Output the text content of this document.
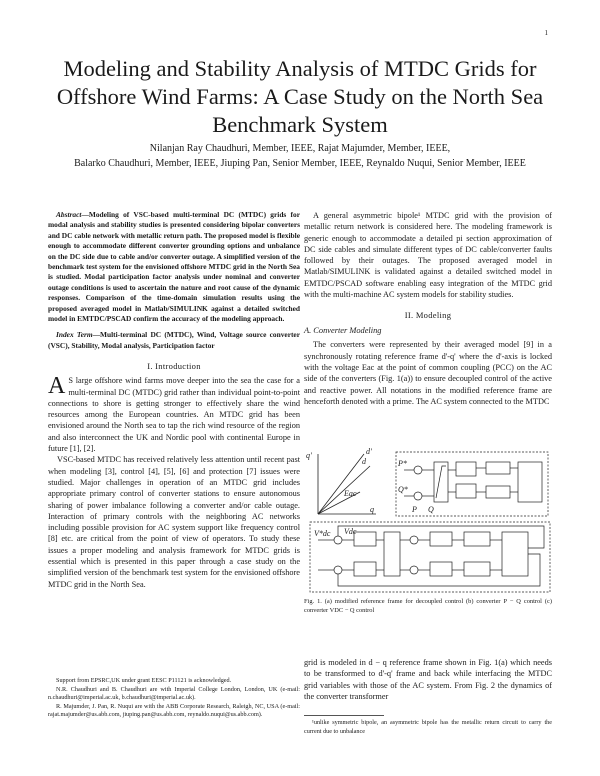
1
Modeling and Stability Analysis of MTDC Grids for Offshore Wind Farms: A Case Study on the North Sea Benchmark System
Nilanjan Ray Chaudhuri, Member, IEEE, Rajat Majumder, Member, IEEE,
Balarko Chaudhuri, Member, IEEE, Jiuping Pan, Senior Member, IEEE, Reynaldo Nuqui, Senior Member, IEEE

Abstract—Modeling of VSC-based multi-terminal DC (MTDC) grids for modal analysis and stability studies is presented considering bipolar converters and DC cable network with metallic return path. The proposed model is flexible enough to accommodate different converter grounding options and unbalance on the DC side due to cable and/or converter outage. A simplified version of the benchmark test system for the envisioned offshore MTDC grid in the North Sea is studied. Modal participation factor analysis under nominal and converter outage conditions is used to ascertain the nature and root cause of the dynamic responses. Comparison of the time-domain simulation results using the proposed averaged model in Matlab/SIMULINK against a detailed switched model in EMTDC/PSCAD confirm the accuracy of the modeling approach.

Index Term—Multi-terminal DC (MTDC), Wind, Voltage source converter (VSC), Stability, Modal analysis, Participation factor

I. Introduction

A S large offshore wind farms move deeper into the sea the case for a multi-terminal DC (MTDC) grid rather than individual point-to-point connections to shore is getting stronger to effectively share the wind resources among the European countries. An MTDC grid has been envisioned around the North sea to tap the rich wind resource of the region and also interconnect the UK and Nordic pool with continental Europe in future [1], [2].

VSC-based MTDC has received relatively less attention until recent past when modeling [3], control [4], [5], [6] and protection [7] issues were studied. Major challenges in operation of an MTDC grid includes appropriate primary control of converter stations to ensure autonomous sharing of power imbalance following a converter and/or cable outage. Interaction of primary controls with the neighboring AC networks including possible provision for AC system support like frequency control [8] etc. are critical from the point of view of operators. To study these issues a proper modeling and analysis framework for MTDC grids is essential which is presented in this paper through a case study on the simplified version of the benchmark test system for the envisioned offshore MTDC grid in the North Sea.

Support from EPSRC,UK under grant EESC P11121 is acknowledged.

N.R. Chaudhuri and B. Chaudhuri are with Imperial College London, London, UK (e-mail: n.chaudhuri@imperial.ac.uk, b.chaudhuri@imperial.ac.uk).

R. Majumder, J. Pan, R. Nuqui are with the ABB Corporate Research, Raleigh, NC, USA (e-mail: rajat.majumder@us.abb.com, jiuping.pan@us.abb.com, reynaldo.nuqui@us.abb.com).

A general asymmetric bipole¹ MTDC grid with the provision of metallic return network is considered here. The modeling framework is generic enough to accommodate a detailed pi section approximation of DC side cables and simulate different types of DC cable/converter faults followed by their outages. The proposed averaged model in Matlab/SIMULINK is validated against a detailed switched model in EMTDC/PSCAD software enabling easy integration of the MTDC grid with the multi-machine AC system models for stability studies.

II. Modeling
A. Converter Modeling

The converters were represented by their averaged model [9] in a synchronously rotating reference frame d'-q' where the d'-axis is locked with the voltage Eac at the point of common coupling (PCC) on the AC side of the converters (Fig. 1(a)) to ensure decoupled control of the active and reactive power. All notations in the modified reference frame are henceforth denoted with a prime. The AC system connected to the MTDC

q'
d
d'
q
Eac
P*
Q*
P Q
V*dc Vdc
Fig. 1. (a) modified reference frame for decoupled control (b) converter P − Q control (c) converter VDC − Q control

grid is modeled in d − q reference frame shown in Fig. 1(a) which needs to be transformed to d'-q' frame and back while interfacing the MTDC grid variables with those of the AC system. From Fig. 2 the dynamics of the converter transformer

¹unlike symmetric bipole, an asymmetric bipole has the metallic return circuit to carry the current due to unbalance
